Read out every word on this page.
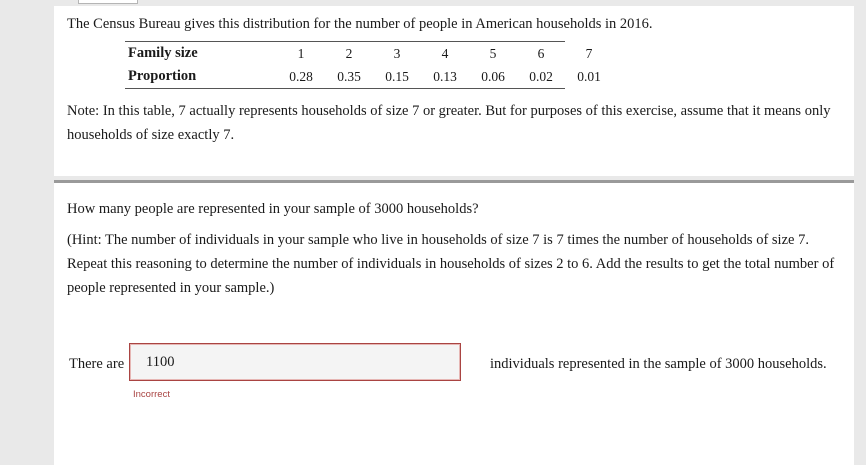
The Census Bureau gives this distribution for the number of people in American households in 2016.
Family size	1	2	3	4	5	6	7
Proportion	0.28	0.35	0.15	0.13	0.06	0.02	0.01
Note: In this table, 7 actually represents households of size 7 or greater. But for purposes of this exercise, assume that it means only households of size exactly 7.
How many people are represented in your sample of 3000 households?
(Hint: The number of individuals in your sample who live in households of size 7 is 7 times the number of households of size 7. Repeat this reasoning to determine the number of individuals in households of sizes 2 to 6. Add the results to get the total number of people represented in your sample.)
There are
1100	individuals represented in the sample of 3000 households.
Incorrect
